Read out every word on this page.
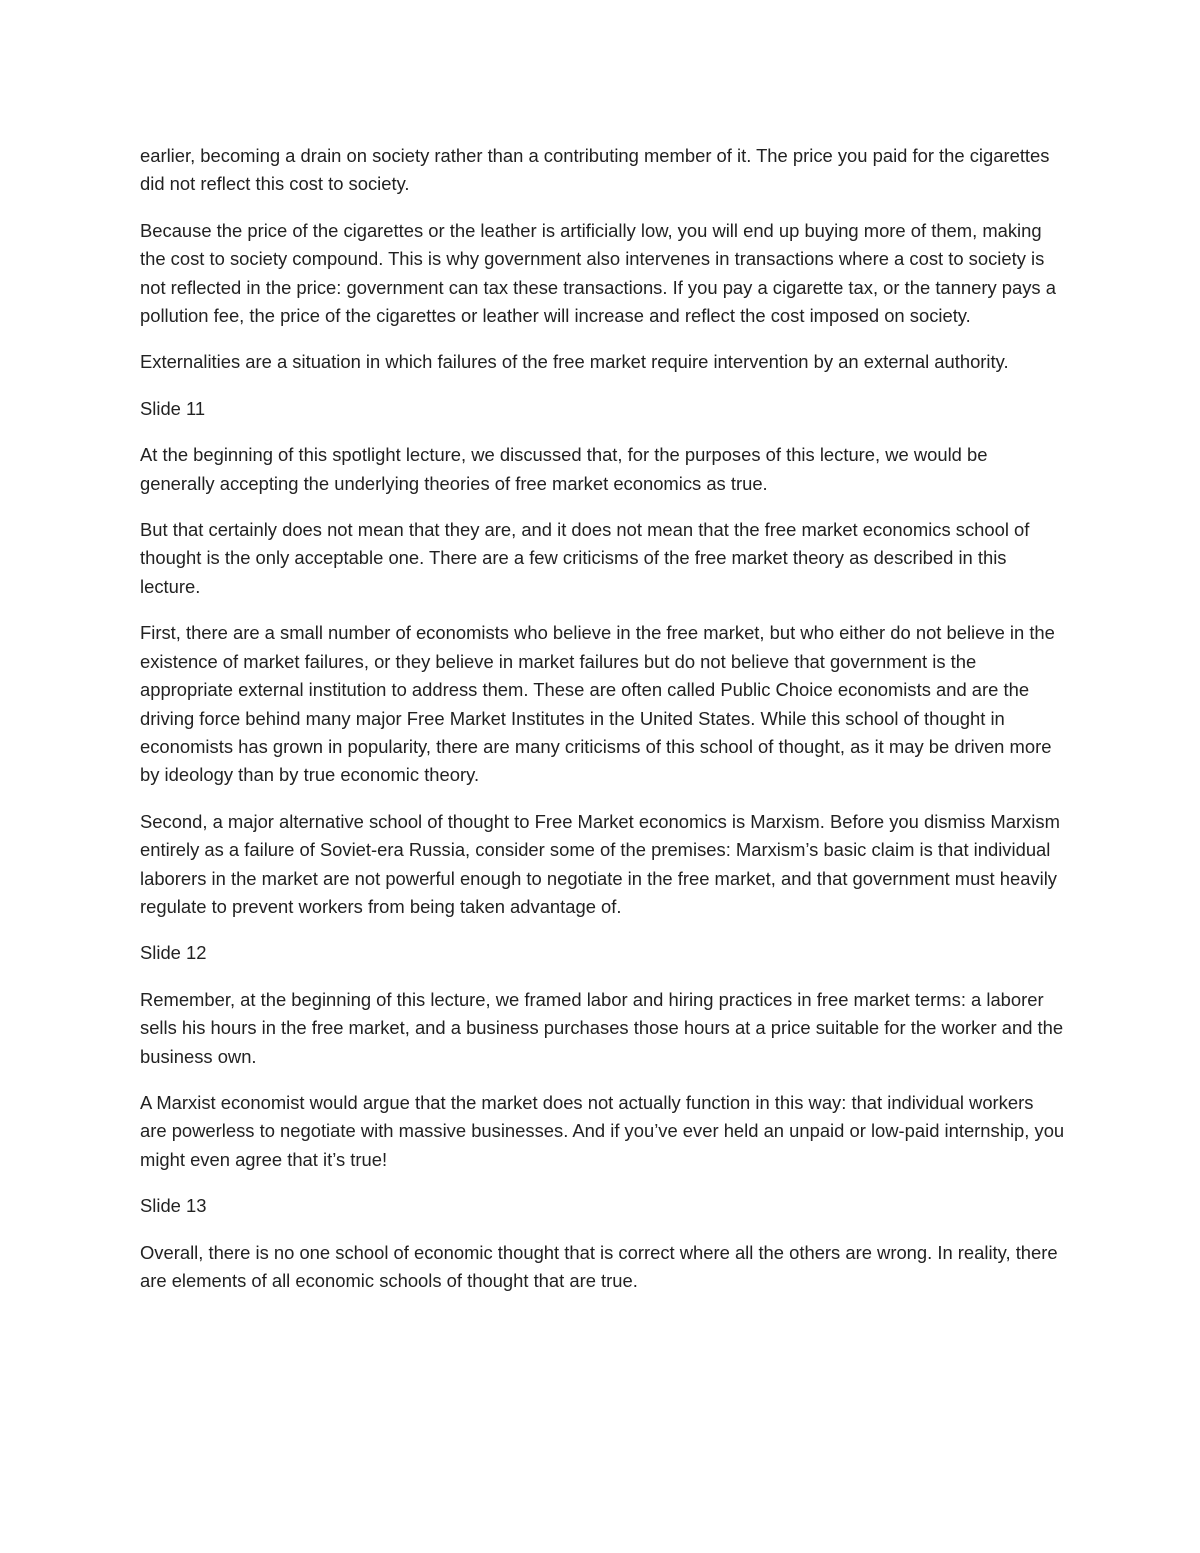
earlier, becoming a drain on society rather than a contributing member of it. The price you paid for the cigarettes did not reflect this cost to society.

Because the price of the cigarettes or the leather is artificially low, you will end up buying more of them, making the cost to society compound. This is why government also intervenes in transactions where a cost to society is not reflected in the price: government can tax these transactions. If you pay a cigarette tax, or the tannery pays a pollution fee, the price of the cigarettes or leather will increase and reflect the cost imposed on society.

Externalities are a situation in which failures of the free market require intervention by an external authority.

Slide 11

At the beginning of this spotlight lecture, we discussed that, for the purposes of this lecture, we would be generally accepting the underlying theories of free market economics as true.

But that certainly does not mean that they are, and it does not mean that the free market economics school of thought is the only acceptable one. There are a few criticisms of the free market theory as described in this lecture.

First, there are a small number of economists who believe in the free market, but who either do not believe in the existence of market failures, or they believe in market failures but do not believe that government is the appropriate external institution to address them. These are often called Public Choice economists and are the driving force behind many major Free Market Institutes in the United States. While this school of thought in economists has grown in popularity, there are many criticisms of this school of thought, as it may be driven more by ideology than by true economic theory.

Second, a major alternative school of thought to Free Market economics is Marxism. Before you dismiss Marxism entirely as a failure of Soviet-era Russia, consider some of the premises: Marxism’s basic claim is that individual laborers in the market are not powerful enough to negotiate in the free market, and that government must heavily regulate to prevent workers from being taken advantage of.

Slide 12

Remember, at the beginning of this lecture, we framed labor and hiring practices in free market terms: a laborer sells his hours in the free market, and a business purchases those hours at a price suitable for the worker and the business own.

A Marxist economist would argue that the market does not actually function in this way: that individual workers are powerless to negotiate with massive businesses. And if you’ve ever held an unpaid or low-paid internship, you might even agree that it’s true!

Slide 13

Overall, there is no one school of economic thought that is correct where all the others are wrong. In reality, there are elements of all economic schools of thought that are true.
